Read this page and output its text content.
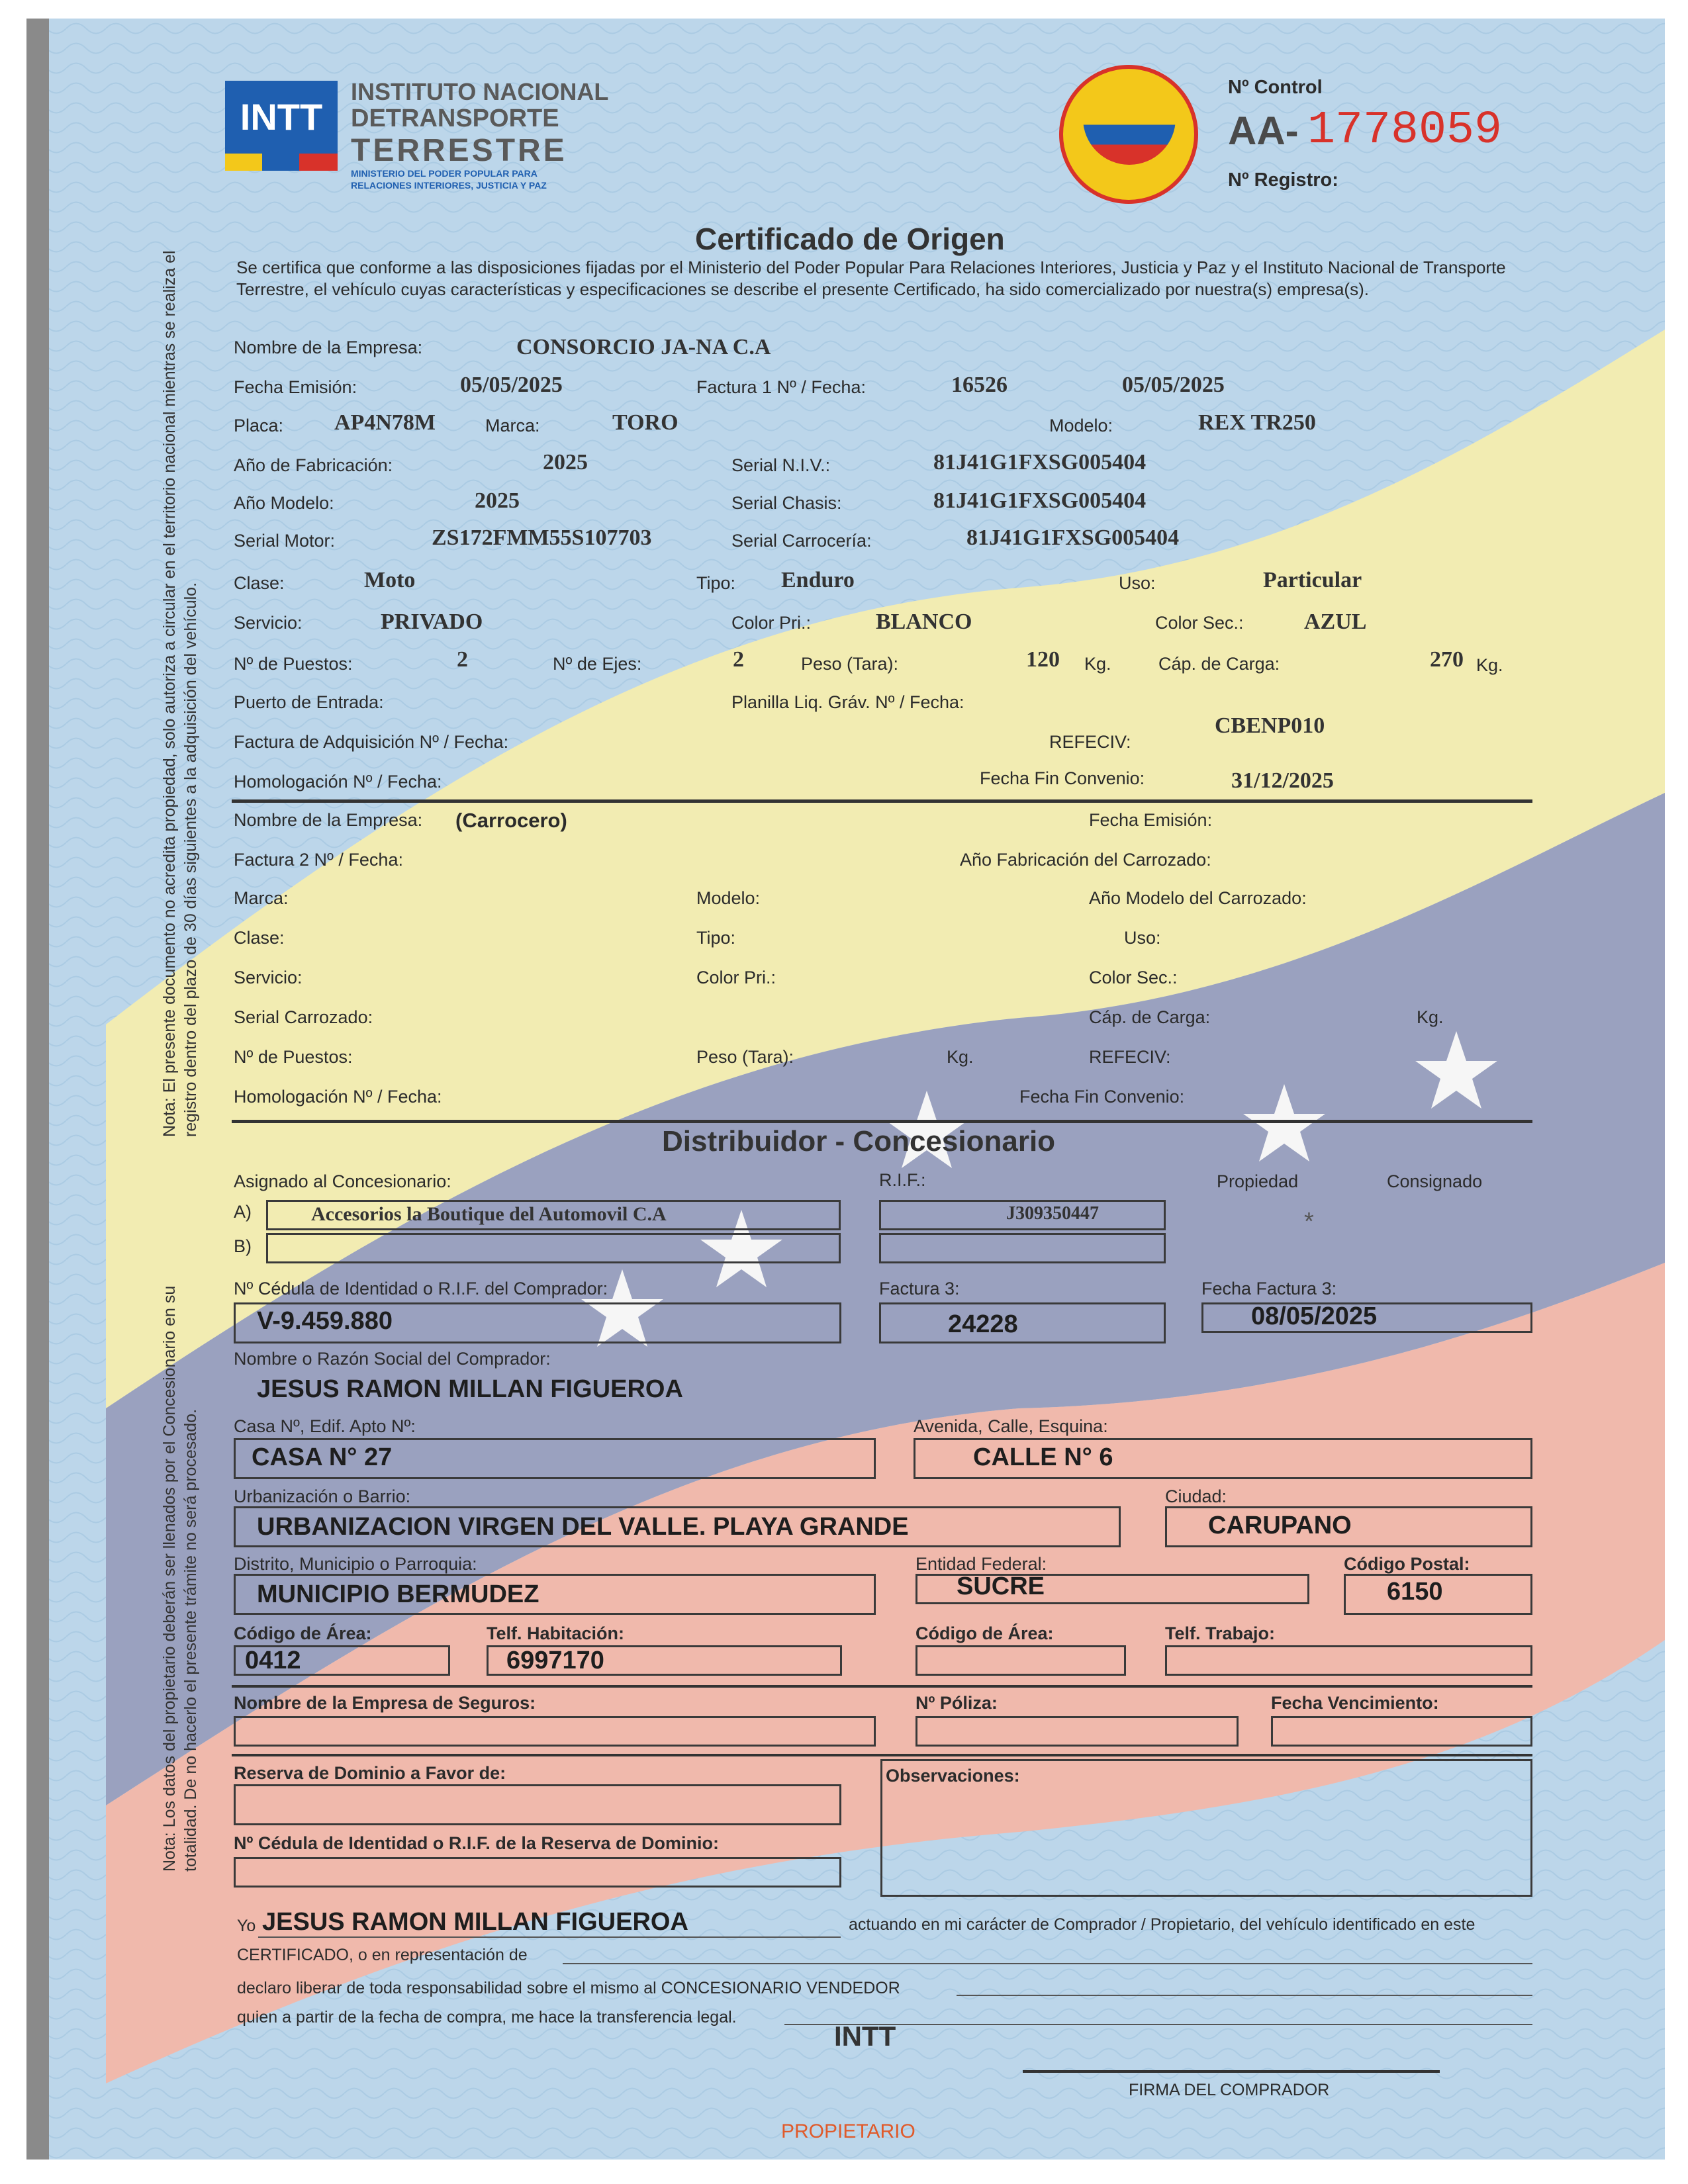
INTT
INSTITUTO NACIONAL
DETRANSPORTE
TERRESTRE
MINISTERIO DEL PODER POPULAR PARA
RELACIONES INTERIORES, JUSTICIA Y PAZ
Nº Control
AA- 1778059
Nº Registro:
Certificado de Origen
Se certifica que conforme a las disposiciones fijadas por el Ministerio del Poder Popular Para Relaciones Interiores, Justicia y Paz y el Instituto Nacional de Transporte Terrestre, el vehículo cuyas características y especificaciones se describe el presente Certificado, ha sido comercializado por nuestra(s) empresa(s).
Nota: El presente documento no acredita propiedad, solo autoriza a circular en el territorio nacional mientras se realiza el registro dentro del plazo de 30 días siguientes a la adquisición del vehículo.
Nota: Los datos del propietario deberán ser llenados por el Concesionario en su totalidad. De no hacerlo el presente trámite no será procesado.
Nombre de la Empresa:	CONSORCIO JA-NA C.A
Fecha Emisión:	05/05/2025	Factura 1 Nº / Fecha:	16526	05/05/2025
Placa: AP4N78M	Marca:	TORO	Modelo:	REX TR250
Año de Fabricación:	2025	Serial N.I.V.:	81J41G1FXSG005404
Año Modelo:	2025	Serial Chasis:	81J41G1FXSG005404
Serial Motor:	ZS172FMM55S107703	Serial Carrocería:	81J41G1FXSG005404
Clase:	Moto	Tipo: Enduro	Uso:	Particular
Servicio:	PRIVADO	Color Pri.:	BLANCO	Color Sec.:	AZUL
Nº de Puestos:	2	Nº de Ejes:	2	Peso (Tara):	120 Kg.	Cáp. de Carga:	270 Kg.
Puerto de Entrada:	Planilla Liq. Gráv. Nº / Fecha:
Factura de Adquisición Nº / Fecha:	REFECIV:
CBENP010
Homologación Nº / Fecha:	Fecha Fin Convenio:	31/12/2025
Nombre de la Empresa: (Carrocero)	Fecha Emisión:
Factura 2 Nº / Fecha:	Año Fabricación del Carrozado:
Marca:	Modelo:	Año Modelo del Carrozado:
Clase:	Tipo:	Uso:
Servicio:	Color Pri.:	Color Sec.:
Serial Carrozado:	Cáp. de Carga:	Kg.
Nº de Puestos:	Peso (Tara):	Kg.	REFECIV:
Homologación Nº / Fecha:	Fecha Fin Convenio:
Distribuidor - Concesionario
Asignado al Concesionario:	R.I.F.:	Propiedad	Consignado
A)	Accesorios la Boutique del Automovil C.A	J309350447	*
B)
Nº Cédula de Identidad o R.I.F. del Comprador:
V-9.459.880
Factura 3:
24228
Fecha Factura 3:
08/05/2025
Nombre o Razón Social del Comprador:
JESUS RAMON MILLAN FIGUEROA
Casa Nº, Edif. Apto Nº:
CASA N° 27
Avenida, Calle, Esquina:
CALLE N° 6
Urbanización o Barrio:
URBANIZACION VIRGEN DEL VALLE. PLAYA GRANDE
Ciudad:
CARUPANO
Distrito, Municipio o Parroquia:
MUNICIPIO BERMUDEZ
Entidad Federal:
SUCRE
Código Postal:
6150
Código de Área:
0412
Telf. Habitación:
6997170
Código de Área:	Telf. Trabajo:
Nombre de la Empresa de Seguros:	Nº Póliza:	Fecha Vencimiento:
Reserva de Dominio a Favor de:	Observaciones:
Nº Cédula de Identidad o R.I.F. de la Reserva de Dominio:
Yo JESUS RAMON MILLAN FIGUEROA	actuando en mi carácter de Comprador / Propietario, del vehículo identificado en este
CERTIFICADO, o en representación de
declaro liberar de toda responsabilidad sobre el mismo al CONCESIONARIO VENDEDOR
quien a partir de la fecha de compra, me hace la transferencia legal.
INTT
FIRMA DEL COMPRADOR
PROPIETARIO
